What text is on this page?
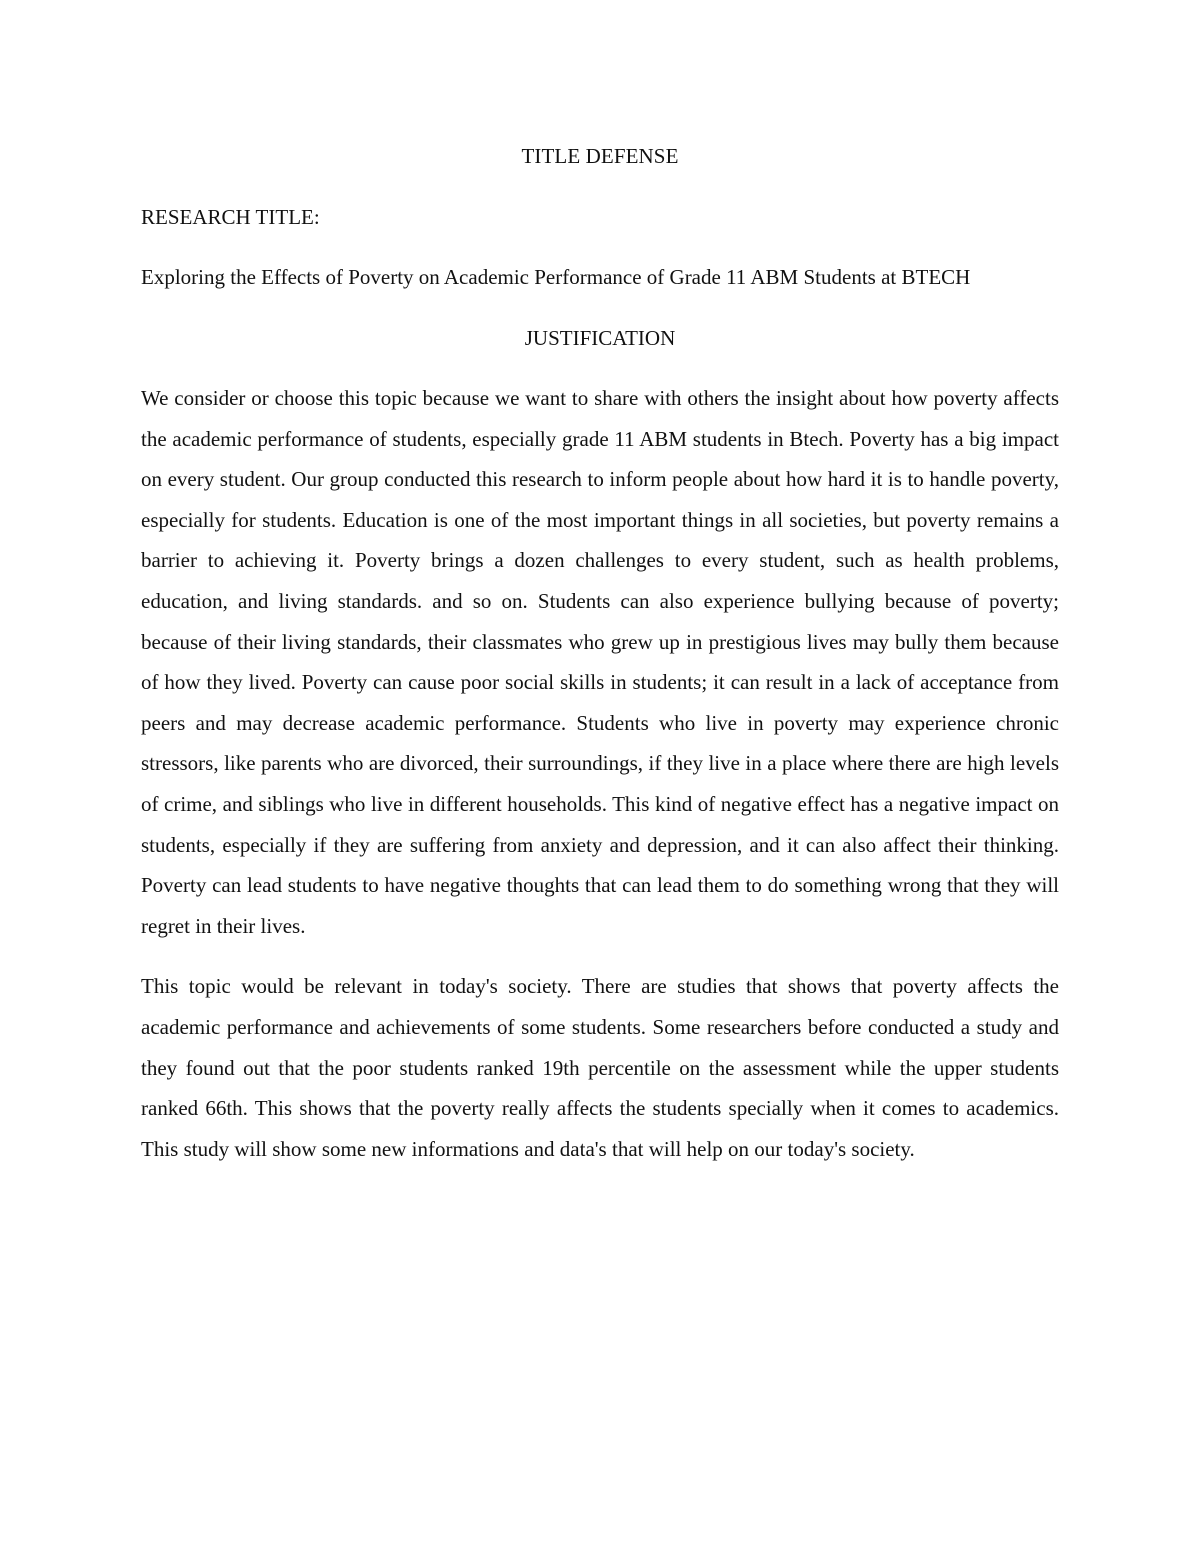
TITLE DEFENSE

RESEARCH TITLE:

Exploring the Effects of Poverty on Academic Performance of Grade 11 ABM Students at BTECH

JUSTIFICATION

We consider or choose this topic because we want to share with others the insight about how poverty affects the academic performance of students, especially grade 11 ABM students in Btech. Poverty has a big impact on every student. Our group conducted this research to inform people about how hard it is to handle poverty, especially for students. Education is one of the most important things in all societies, but poverty remains a barrier to achieving it. Poverty brings a dozen challenges to every student, such as health problems, education, and living standards. and so on. Students can also experience bullying because of poverty; because of their living standards, their classmates who grew up in prestigious lives may bully them because of how they lived. Poverty can cause poor social skills in students; it can result in a lack of acceptance from peers and may decrease academic performance. Students who live in poverty may experience chronic stressors, like parents who are divorced, their surroundings, if they live in a place where there are high levels of crime, and siblings who live in different households. This kind of negative effect has a negative impact on students, especially if they are suffering from anxiety and depression, and it can also affect their thinking. Poverty can lead students to have negative thoughts that can lead them to do something wrong that they will regret in their lives.

This topic would be relevant in today's society. There are studies that shows that poverty affects the academic performance and achievements of some students. Some researchers before conducted a study and they found out that the poor students ranked 19th percentile on the assessment while the upper students ranked 66th. This shows that the poverty really affects the students specially when it comes to academics. This study will show some new informations and data's that will help on our today's society.
